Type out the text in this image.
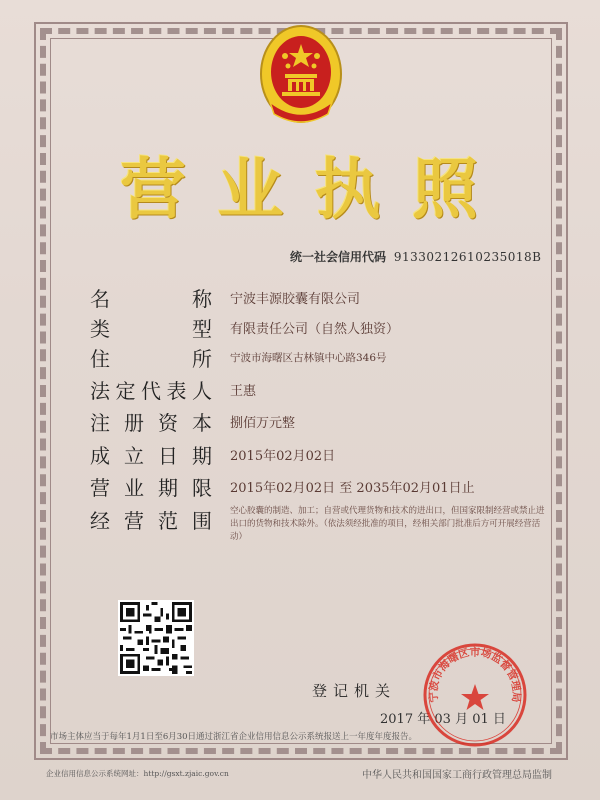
营 业 执 照
统一社会信用代码 91330212610235018B
名	称 宁波丰源胶囊有限公司
类	型 有限责任公司（自然人独资）
住	所 宁波市海曙区古林镇中心路346号
法 定 代 表 人 王惠
注 册 资 本 捌佰万元整
成 立 日 期 2015年02月02日
营 业 期 限 2015年02月02日 至 2035年02月01日止
经 营 范 围 空心胶囊的制造、加工；自营或代理货物和技术的进出口，但国家限制经营或禁止进出口的货物和技术除外。（依法须经批准的项目，经相关部门批准后方可开展经营活动）
登记机关
2017 年 03 月 01 日
宁波市海曙区市场监督管理局
市场主体应当于每年1月1日至6月30日通过浙江省企业信用信息公示系统报送上一年度年度报告。
企业信用信息公示系统网址：http://gsxt.zjaic.gov.cn	中华人民共和国国家工商行政管理总局监制
